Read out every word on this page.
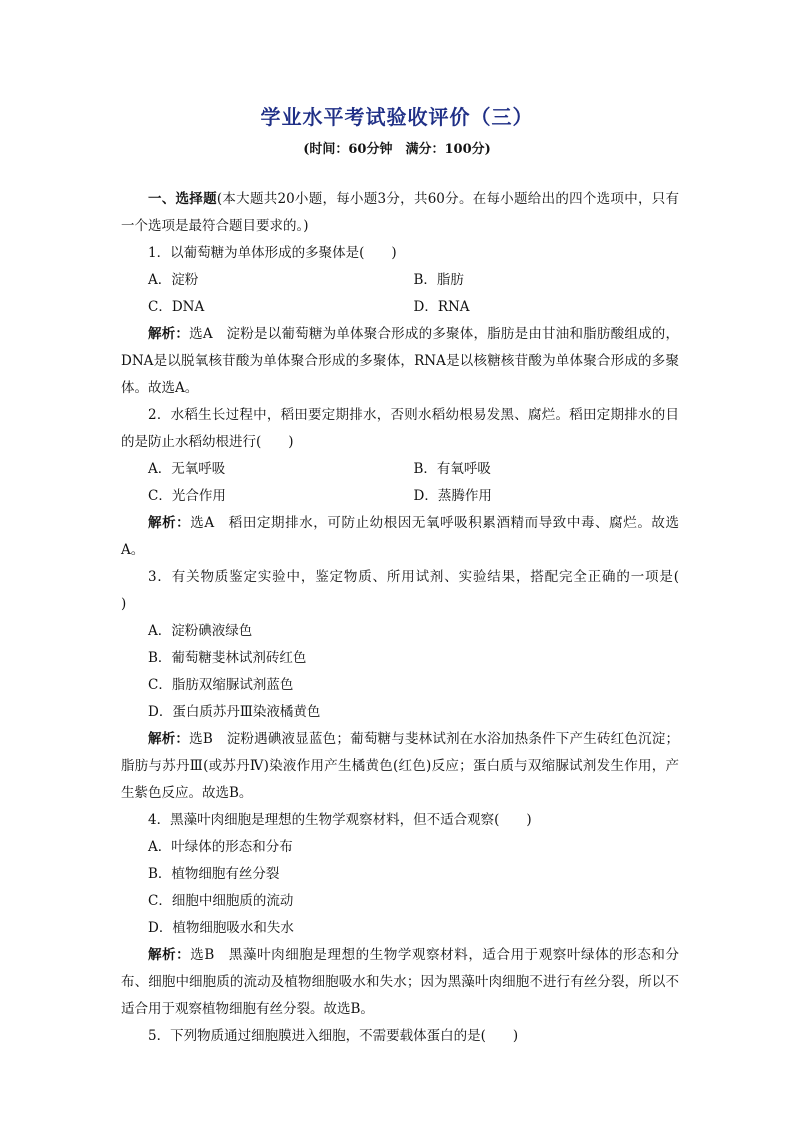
学业水平考试验收评价（三）
(时间：60分钟　满分：100分)

一、选择题(本大题共20小题，每小题3分，共60分。在每小题给出的四个选项中，只有一个选项是最符合题目要求的。)

1．以葡萄糖为单体形成的多聚体是(　　)

A．淀粉	B．脂肪
C．DNA	D．RNA

解析：选A　淀粉是以葡萄糖为单体聚合形成的多聚体，脂肪是由甘油和脂肪酸组成的，DNA是以脱氧核苷酸为单体聚合形成的多聚体，RNA是以核糖核苷酸为单体聚合形成的多聚体。故选A。

2．水稻生长过程中，稻田要定期排水，否则水稻幼根易发黑、腐烂。稻田定期排水的目的是防止水稻幼根进行(　　)

A．无氧呼吸	B．有氧呼吸
C．光合作用	D．蒸腾作用

解析：选A　稻田定期排水，可防止幼根因无氧呼吸积累酒精而导致中毒、腐烂。故选A。

3．有关物质鉴定实验中，鉴定物质、所用试剂、实验结果，搭配完全正确的一项是(　　)

A．淀粉碘液绿色

B．葡萄糖斐林试剂砖红色

C．脂肪双缩脲试剂蓝色

D．蛋白质苏丹Ⅲ染液橘黄色

解析：选B　淀粉遇碘液显蓝色；葡萄糖与斐林试剂在水浴加热条件下产生砖红色沉淀；脂肪与苏丹Ⅲ(或苏丹Ⅳ)染液作用产生橘黄色(红色)反应；蛋白质与双缩脲试剂发生作用，产生紫色反应。故选B。

4．黑藻叶肉细胞是理想的生物学观察材料，但不适合观察(　　)

A．叶绿体的形态和分布

B．植物细胞有丝分裂

C．细胞中细胞质的流动

D．植物细胞吸水和失水

解析：选B　黑藻叶肉细胞是理想的生物学观察材料，适合用于观察叶绿体的形态和分布、细胞中细胞质的流动及植物细胞吸水和失水；因为黑藻叶肉细胞不进行有丝分裂，所以不适合用于观察植物细胞有丝分裂。故选B。

5．下列物质通过细胞膜进入细胞，不需要载体蛋白的是(　　)
